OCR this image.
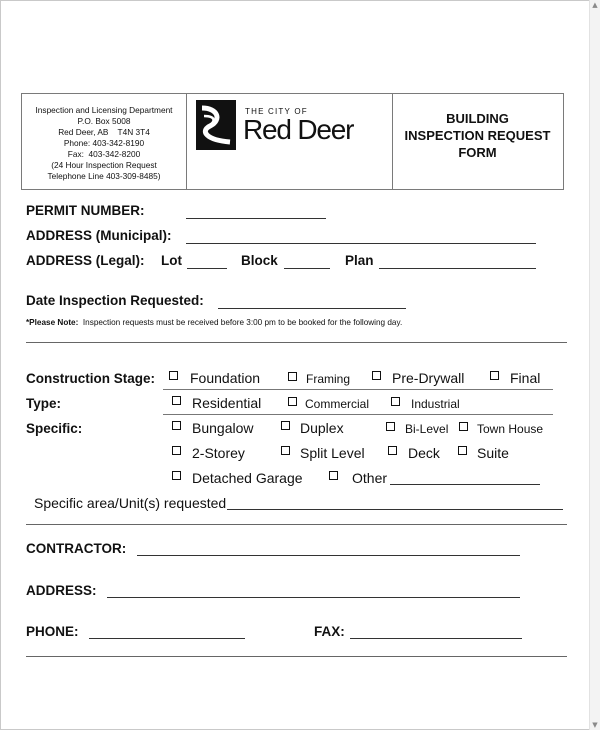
▲
▼
Inspection and Licensing Department
P.O. Box 5008
Red Deer, AB    T4N 3T4
Phone: 403-342-8190
Fax:  403-342-8200
(24 Hour Inspection Request
Telephone Line 403-309-8485)
THE CITY OF
Red Deer	BUILDING
INSPECTION REQUEST
FORM
PERMIT NUMBER:
ADDRESS (Municipal):
ADDRESS (Legal): Lot	Block	Plan
Date Inspection Requested:
*Please Note:  Inspection requests must be received before 3:00 pm to be booked for the following day.
Construction Stage: Foundation	Framing	Pre-Drywall	Final
Type:	Residential	Commercial	Industrial
Specific:	Bungalow	Duplex	Bi-Level Town House
2-Storey	Split Level	Deck	Suite
Detached Garage	Other
Specific area/Unit(s) requested
CONTRACTOR:
ADDRESS:
PHONE:	FAX:
